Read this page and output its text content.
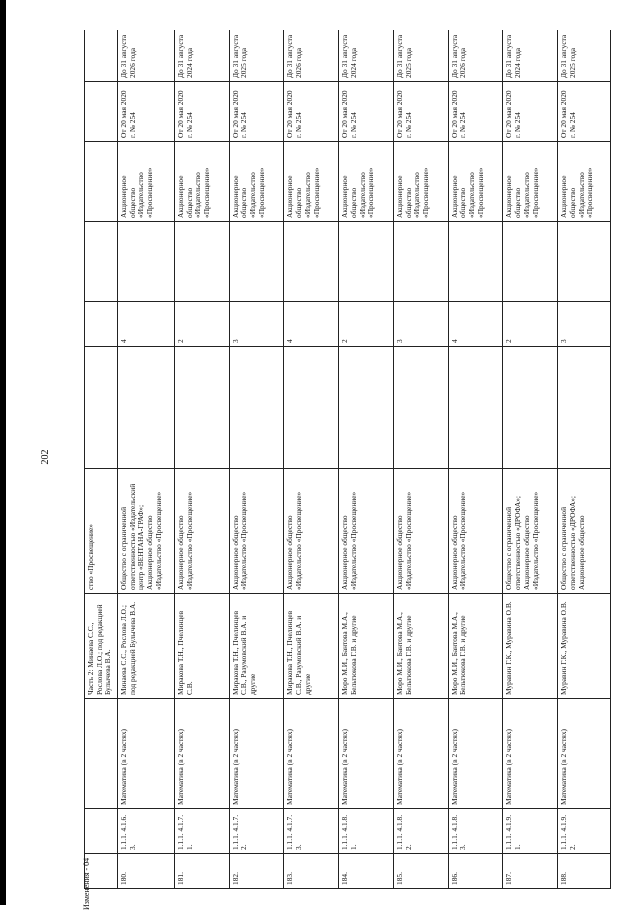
202
			Часть 2: Минаева С.С., Рослова Л.О.; под редакцией Булычева В.А.	ство «Просвещение»						
180.	1.1.1. 4.1.6. 3.	Математика (в 2 частях)	Минаева С.С., Рослова Л.О.; под редакцией Булычева В.А.	Общество с ограниченной ответственностью «Издательский центр «ВЕНТАНА-ГРАФ»; Акционерное общество «Издательство «Просвещение»		4		Акционерное общество «Издательство «Просвещение»	От 20 мая 2020 г. № 254	До 31 августа 2026 года
181.	1.1.1. 4.1.7. 1.	Математика (в 2 частях)	Миракова Т.Н., Пчелинцев С.В.	Акционерное общество «Издательство «Просвещение»		2		Акционерное общество «Издательство «Просвещение»	От 20 мая 2020 г. № 254	До 31 августа 2024 года
182.	1.1.1. 4.1.7. 2.	Математика (в 2 частях)	Миракова Т.Н., Пчелинцев С.В., Разумовский В.А. и другие	Акционерное общество «Издательство «Просвещение»		3		Акционерное общество «Издательство «Просвещение»	От 20 мая 2020 г. № 254	До 31 августа 2025 года
183.	1.1.1. 4.1.7. 3.	Математика (в 2 частях)	Миракова Т.Н., Пчелинцев С.В., Разумовский В.А. и другие	Акционерное общество «Издательство «Просвещение»		4		Акционерное общество «Издательство «Просвещение»	От 20 мая 2020 г. № 254	До 31 августа 2026 года
184.	1.1.1. 4.1.8. 1.	Математика (в 2 частях)	Моро М.И., Бантова М.А., Бельтюкова Г.В. и другие	Акционерное общество «Издательство «Просвещение»		2		Акционерное общество «Издательство «Просвещение»	От 20 мая 2020 г. № 254	До 31 августа 2024 года
185.	1.1.1. 4.1.8. 2.	Математика (в 2 частях)	Моро М.И., Бантова М.А., Бельтюкова Г.В. и другие	Акционерное общество «Издательство «Просвещение»		3		Акционерное общество «Издательство «Просвещение»	От 20 мая 2020 г. № 254	До 31 августа 2025 года
186.	1.1.1. 4.1.8. 3.	Математика (в 2 частях)	Моро М.И., Бантова М.А., Бельтюкова Г.В. и другие	Акционерное общество «Издательство «Просвещение»		4		Акционерное общество «Издательство «Просвещение»	От 20 мая 2020 г. № 254	До 31 августа 2026 года
187.	1.1.1. 4.1.9. 1.	Математика (в 2 частях)	Муравин Г.К., Муравина О.В.	Общество с ограниченной ответственностью «ДРОФА»; Акционерное общество «Издательство «Просвещение»		2		Акционерное общество «Издательство «Просвещение»	От 20 мая 2020 г. № 254	До 31 августа 2024 года
188.	1.1.1. 4.1.9. 2.	Математика (в 2 частях)	Муравин Г.К., Муравина О.В.	Общество с ограниченной ответственностью «ДРОФА»; Акционерное общество		3		Акционерное общество «Издательство «Просвещение»	От 20 мая 2020 г. № 254	До 31 августа 2025 года
Изменения - 04
